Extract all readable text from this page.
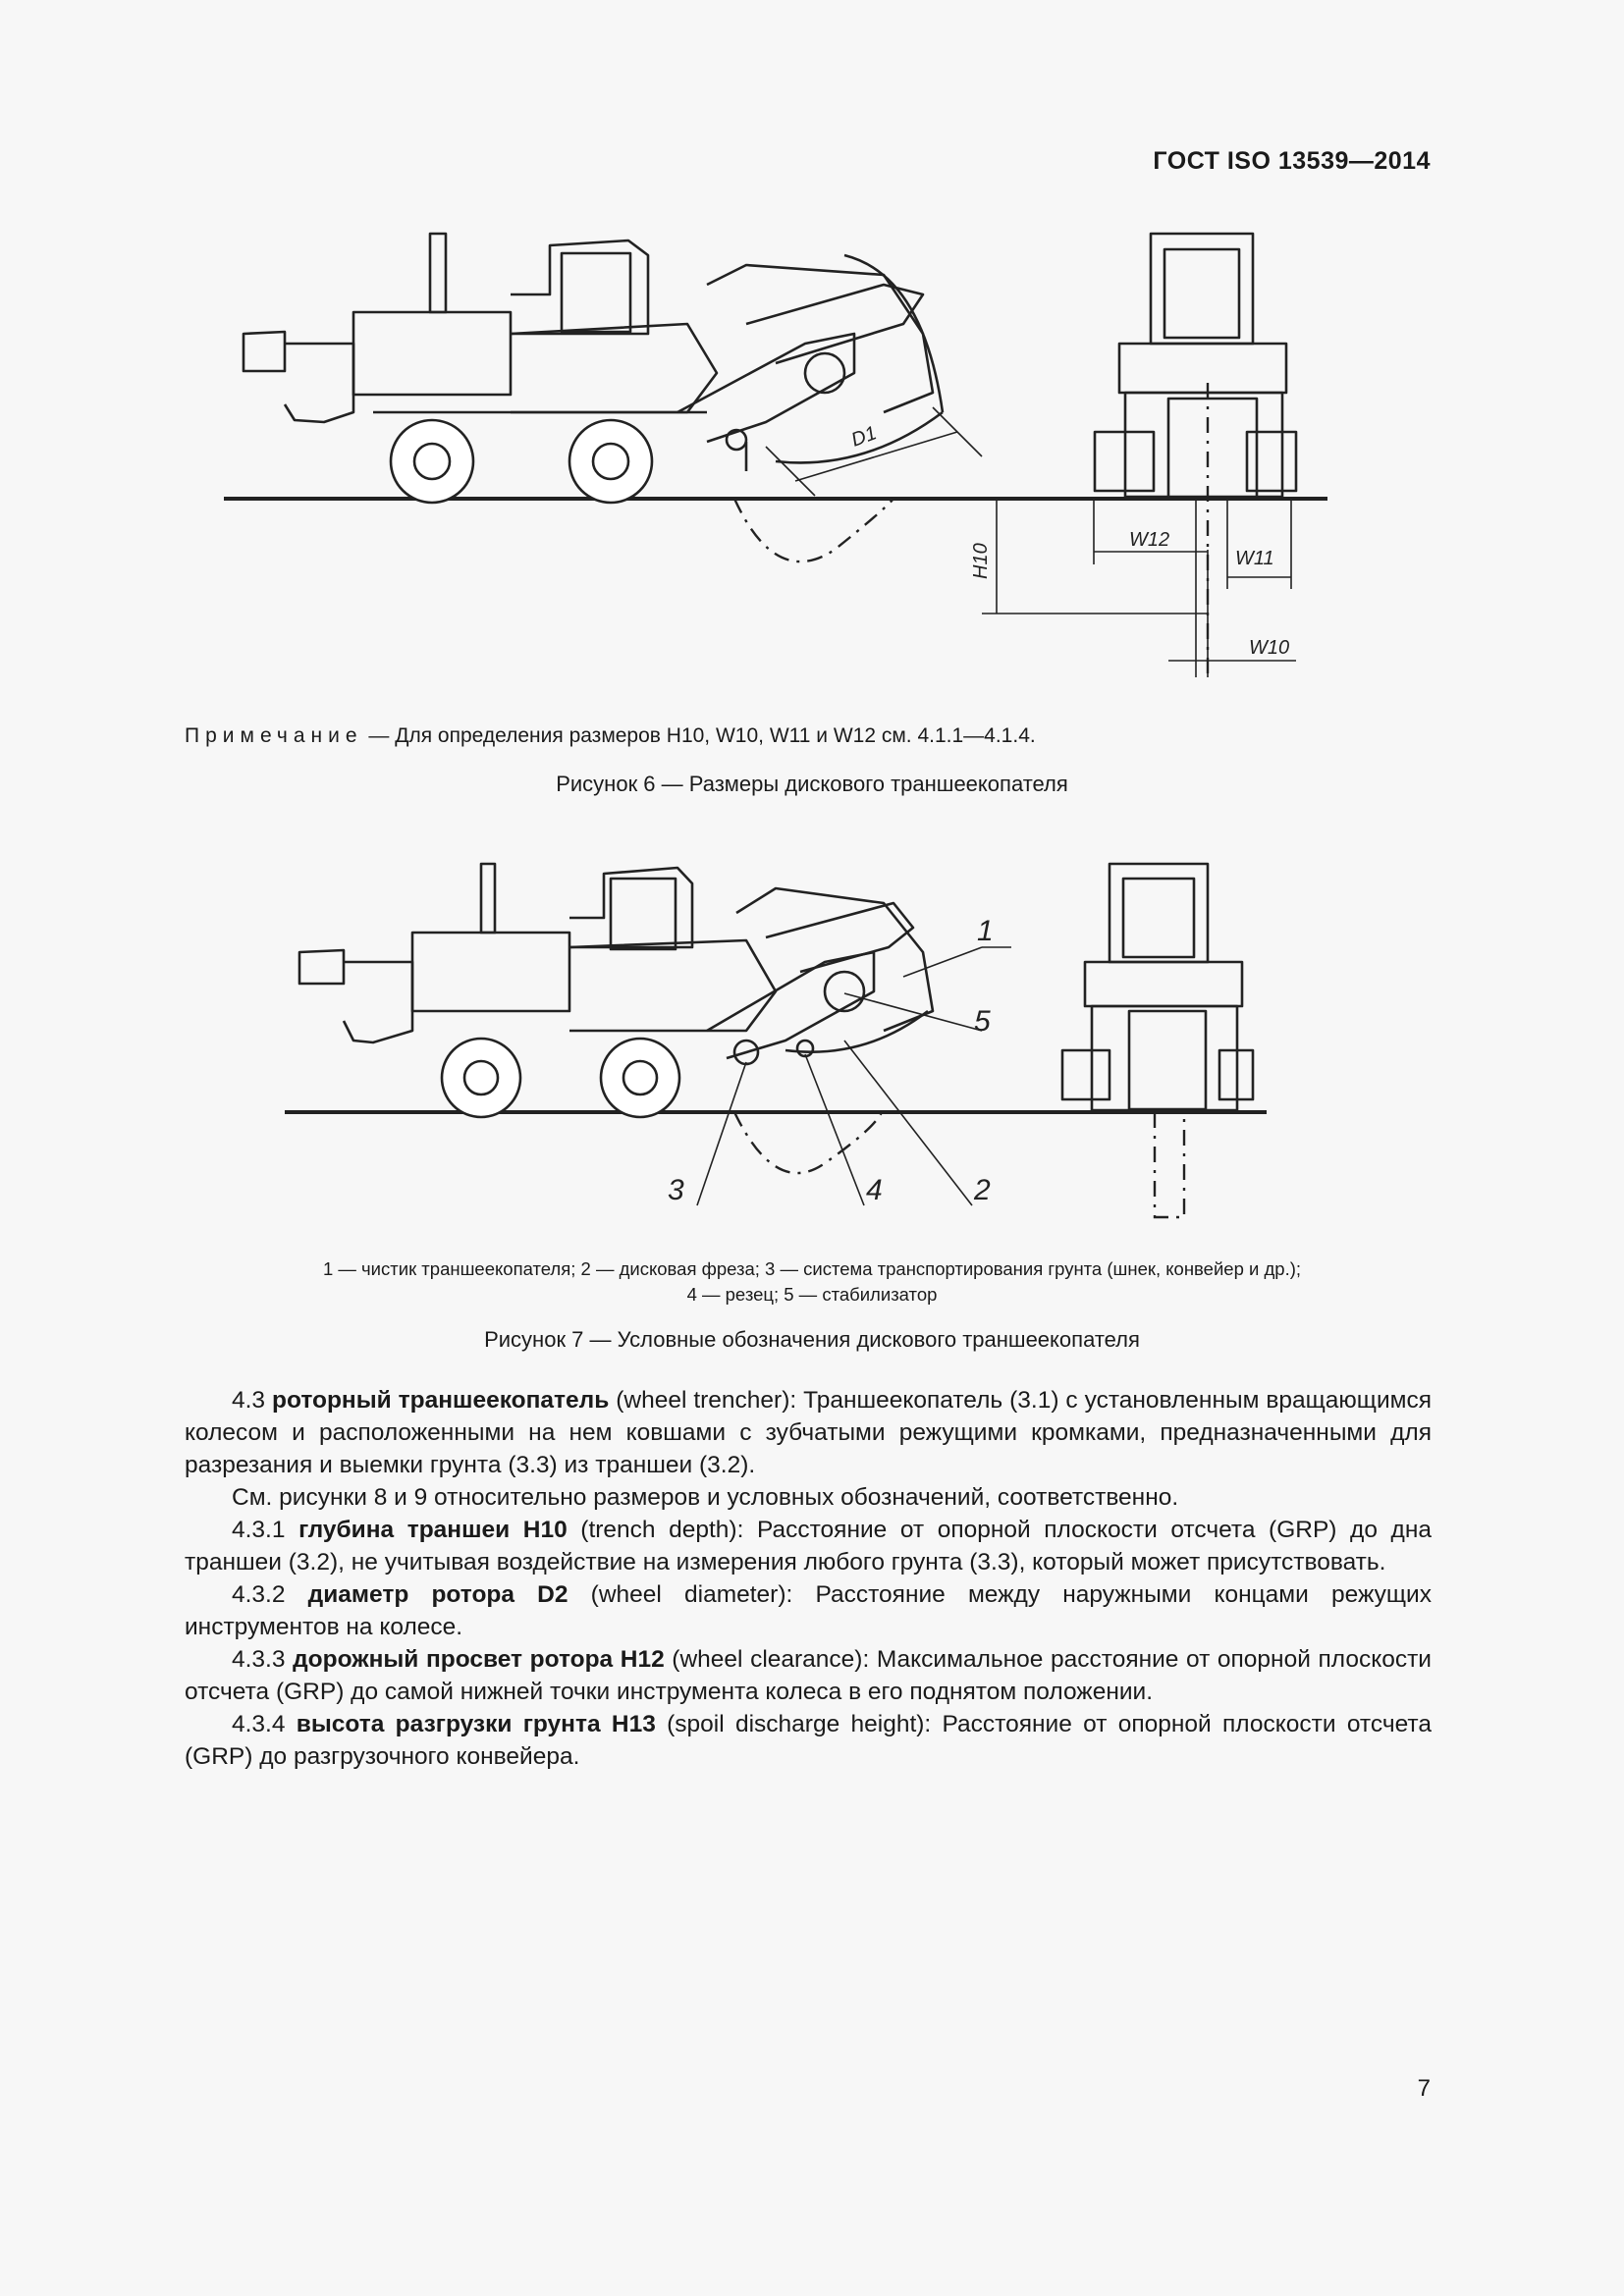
ГОСТ ISO 13539—2014
D1
H10
W12
W11
W10
Примечание — Для определения размеров H10, W10, W11 и W12 см. 4.1.1—4.1.4.
Рисунок 6 — Размеры дискового траншеекопателя
1
5
3	4	2
1 — чистик траншеекопателя; 2 — дисковая фреза; 3 — система транспортирования грунта (шнек, конвейер и др.);
4 — резец; 5 — стабилизатор
Рисунок 7 — Условные обозначения дискового траншеекопателя

4.3 роторный траншеекопатель (wheel trencher): Траншеекопатель (3.1) с установленным вращающимся колесом и расположенными на нем ковшами с зубчатыми режущими кромками, предназначенными для разрезания и выемки грунта (3.3) из траншеи (3.2).

См. рисунки 8 и 9 относительно размеров и условных обозначений, соответственно.

4.3.1 глубина траншеи H10 (trench depth): Расстояние от опорной плоскости отсчета (GRP) до дна траншеи (3.2), не учитывая воздействие на измерения любого грунта (3.3), который может присутствовать.

4.3.2 диаметр ротора D2 (wheel diameter): Расстояние между наружными концами режущих инструментов на колесе.

4.3.3 дорожный просвет ротора H12 (wheel clearance): Максимальное расстояние от опорной плоскости отсчета (GRP) до самой нижней точки инструмента колеса в его поднятом положении.

4.3.4 высота разгрузки грунта H13 (spoil discharge height): Расстояние от опорной плоскости отсчета (GRP) до разгрузочного конвейера.

7
